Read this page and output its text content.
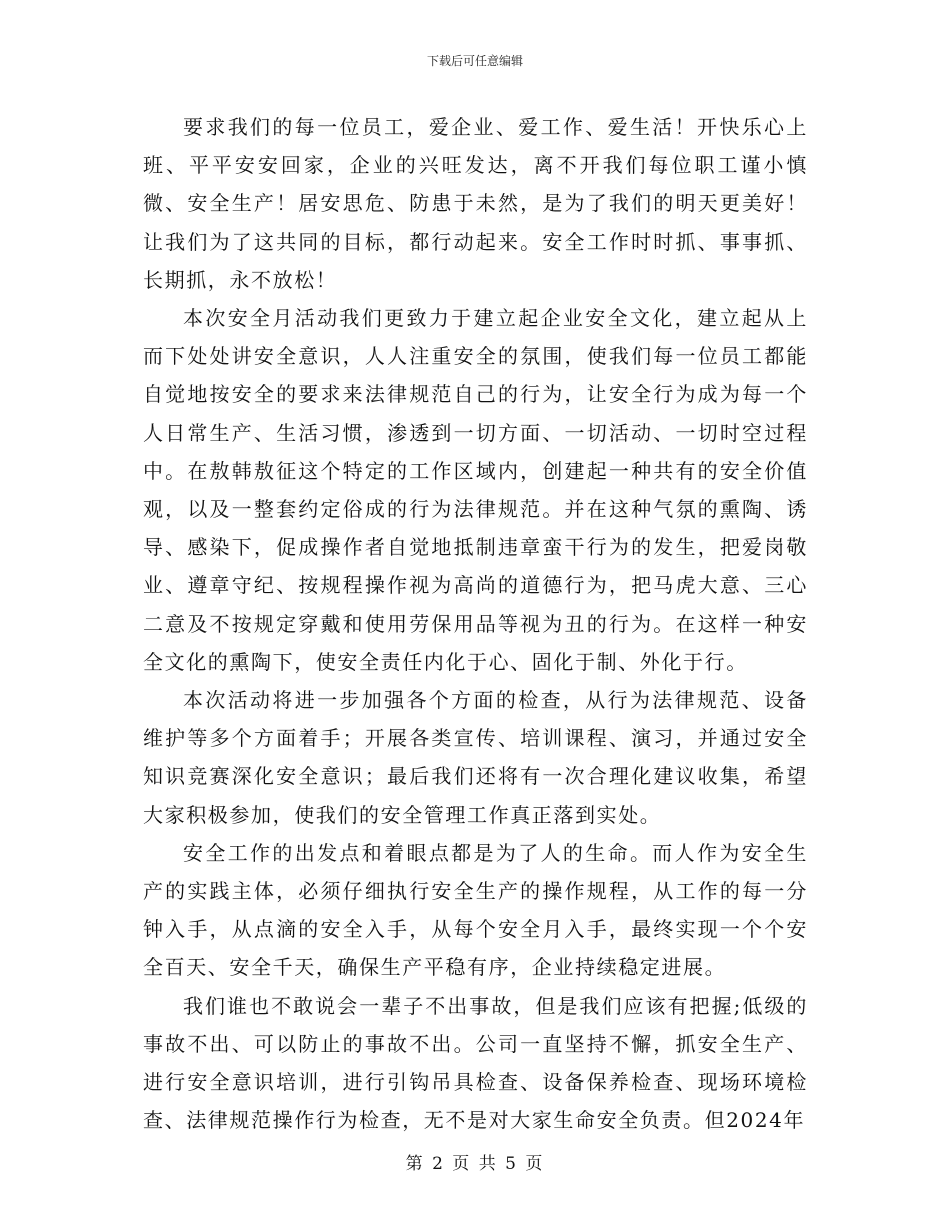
下载后可任意编辑

要求我们的每一位员工，爱企业、爱工作、爱生活！开快乐心上班、平平安安回家，企业的兴旺发达，离不开我们每位职工谨小慎微、安全生产！居安思危、防患于未然，是为了我们的明天更美好！让我们为了这共同的目标，都行动起来。安全工作时时抓、事事抓、长期抓，永不放松！

本次安全月活动我们更致力于建立起企业安全文化，建立起从上而下处处讲安全意识，人人注重安全的氛围，使我们每一位员工都能自觉地按安全的要求来法律规范自己的行为，让安全行为成为每一个人日常生产、生活习惯，渗透到一切方面、一切活动、一切时空过程中。在敖韩敖征这个特定的工作区域内，创建起一种共有的安全价值观，以及一整套约定俗成的行为法律规范。并在这种气氛的熏陶、诱导、感染下，促成操作者自觉地抵制违章蛮干行为的发生，把爱岗敬业、遵章守纪、按规程操作视为高尚的道德行为，把马虎大意、三心二意及不按规定穿戴和使用劳保用品等视为丑的行为。在这样一种安全文化的熏陶下，使安全责任内化于心、固化于制、外化于行。

本次活动将进一步加强各个方面的检查，从行为法律规范、设备维护等多个方面着手；开展各类宣传、培训课程、演习，并通过安全知识竞赛深化安全意识；最后我们还将有一次合理化建议收集，希望大家积极参加，使我们的安全管理工作真正落到实处。

安全工作的出发点和着眼点都是为了人的生命。而人作为安全生产的实践主体，必须仔细执行安全生产的操作规程，从工作的每一分钟入手，从点滴的安全入手，从每个安全月入手，最终实现一个个安全百天、安全千天，确保生产平稳有序，企业持续稳定进展。

我们谁也不敢说会一辈子不出事故，但是我们应该有把握;低级的事故不出、可以防止的事故不出。公司一直坚持不懈，抓安全生产、进行安全意识培训，进行引钩吊具检查、设备保养检查、现场环境检查、法律规范操作行为检查，无不是对大家生命安全负责。但2024年

第 2 页 共 5 页
